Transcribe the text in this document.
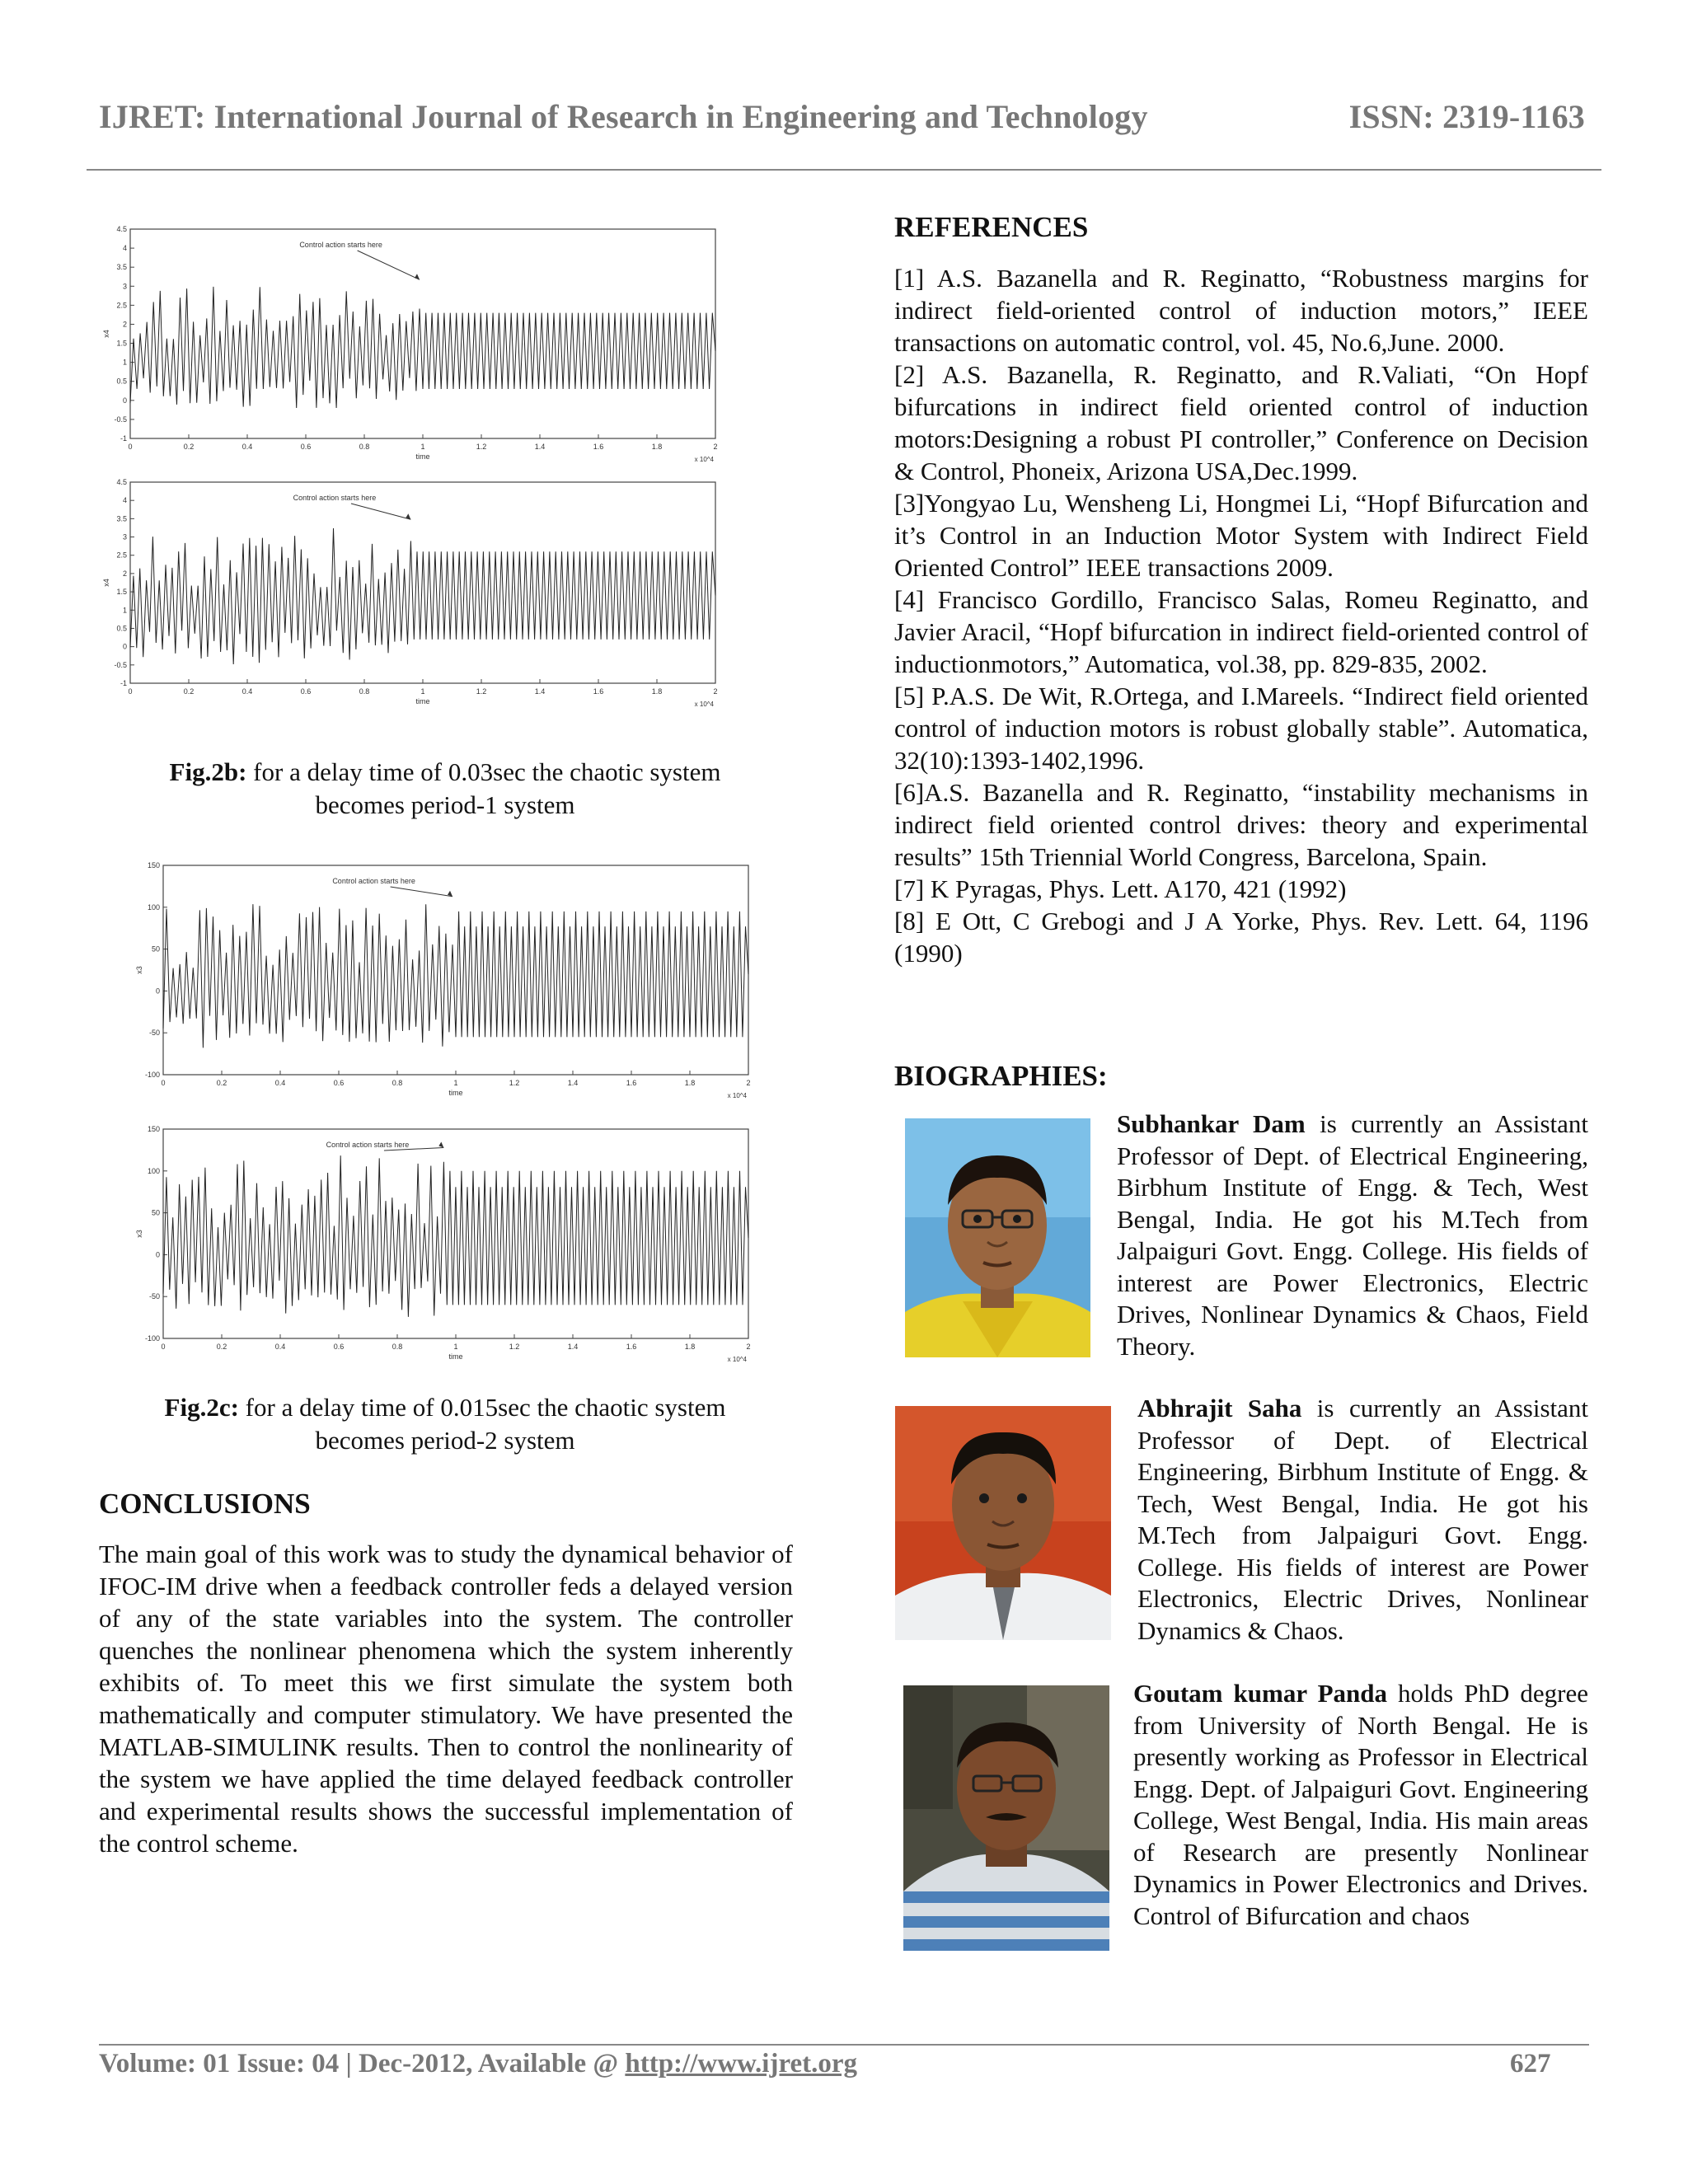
IJRET: International Journal of Research in Engineering and Technology	ISSN: 2319-1163
0	0.2	0.4	0.6	0.8	1	1.2	1.4	1.6	1.8	2
-1
-0.5
0
0.5
1
1.5
2
2.5
3
3.5
4
4.5
time	x 10^4
x4
Control action starts here
0	0.2	0.4	0.6	0.8	1	1.2	1.4	1.6	1.8	2
-1
-0.5
0
0.5
1
1.5
2
2.5
3
3.5
4
4.5
time	x 10^4
x4
Control action starts here
Fig.2b: for a delay time of 0.03sec the chaotic system becomes period-1 system
0	0.2	0.4	0.6	0.8	1	1.2	1.4	1.6	1.8	2
-100
-50
0
50
100
150
time	x 10^4
x3
Control action starts here
0	0.2	0.4	0.6	0.8	1	1.2	1.4	1.6	1.8	2
-100
-50
0
50
100
150
time	x 10^4
x3
Control action starts here
Fig.2c: for a delay time of 0.015sec the chaotic system becomes period-2 system
CONCLUSIONS
The main goal of this work was to study the dynamical behavior of IFOC-IM drive when a feedback controller feds a delayed version of any of the state variables into the system. The controller quenches the nonlinear phenomena which the system inherently exhibits of. To meet this we first simulate the system both mathematically and computer stimulatory. We have presented the MATLAB-SIMULINK results. Then to control the nonlinearity of the system we have applied the time delayed feedback controller and experimental results shows the successful implementation of the control scheme.
REFERENCES

[1] A.S. Bazanella and R. Reginatto, “Robustness margins for indirect field-oriented control of induction motors,” IEEE transactions on automatic control, vol. 45, No.6,June. 2000.

[2] A.S. Bazanella, R. Reginatto, and R.Valiati, “On Hopf bifurcations in indirect field oriented control of induction motors:Designing a robust PI controller,” Conference on Decision & Control, Phoneix, Arizona USA,Dec.1999.

[3]Yongyao Lu, Wensheng Li, Hongmei Li, “Hopf Bifurcation and it’s Control in an Induction Motor System with Indirect Field Oriented Control” IEEE transactions 2009.

[4] Francisco Gordillo, Francisco Salas, Romeu Reginatto, and Javier Aracil, “Hopf bifurcation in indirect field-oriented control of inductionmotors,” Automatica, vol.38, pp. 829-835, 2002.

[5] P.A.S. De Wit, R.Ortega, and I.Mareels. “Indirect field oriented control of induction motors is robust globally stable”. Automatica, 32(10):1393-1402,1996.

[6]A.S. Bazanella and R. Reginatto, “instability mechanisms in indirect field oriented control drives: theory and experimental results” 15th Triennial World Congress, Barcelona, Spain.

[7] K Pyragas, Phys. Lett. A170, 421 (1992)

[8] E Ott, C Grebogi and J A Yorke, Phys. Rev. Lett. 64, 1196 (1990)

BIOGRAPHIES:
Subhankar Dam is currently an Assistant Professor of Dept. of Electrical Engineering, Birbhum Institute of Engg. & Tech, West Bengal, India. He got his M.Tech from Jalpaiguri Govt. Engg. College. His fields of interest are Power Electronics, Electric Drives, Nonlinear Dynamics & Chaos, Field Theory.
Abhrajit Saha is currently an Assistant Professor of Dept. of Electrical Engineering, Birbhum Institute of Engg. & Tech, West Bengal, India. He got his M.Tech from Jalpaiguri Govt. Engg. College. His fields of interest are Power Electronics, Electric Drives, Nonlinear Dynamics & Chaos.
Goutam kumar Panda holds PhD degree from University of North Bengal. He is presently working as Professor in Electrical Engg. Dept. of Jalpaiguri Govt. Engineering College, West Bengal, India. His main areas of Research are presently Nonlinear Dynamics in Power Electronics and Drives. Control of Bifurcation and chaos
Volume: 01 Issue: 04 | Dec-2012, Available @ http://www.ijret.org	627
